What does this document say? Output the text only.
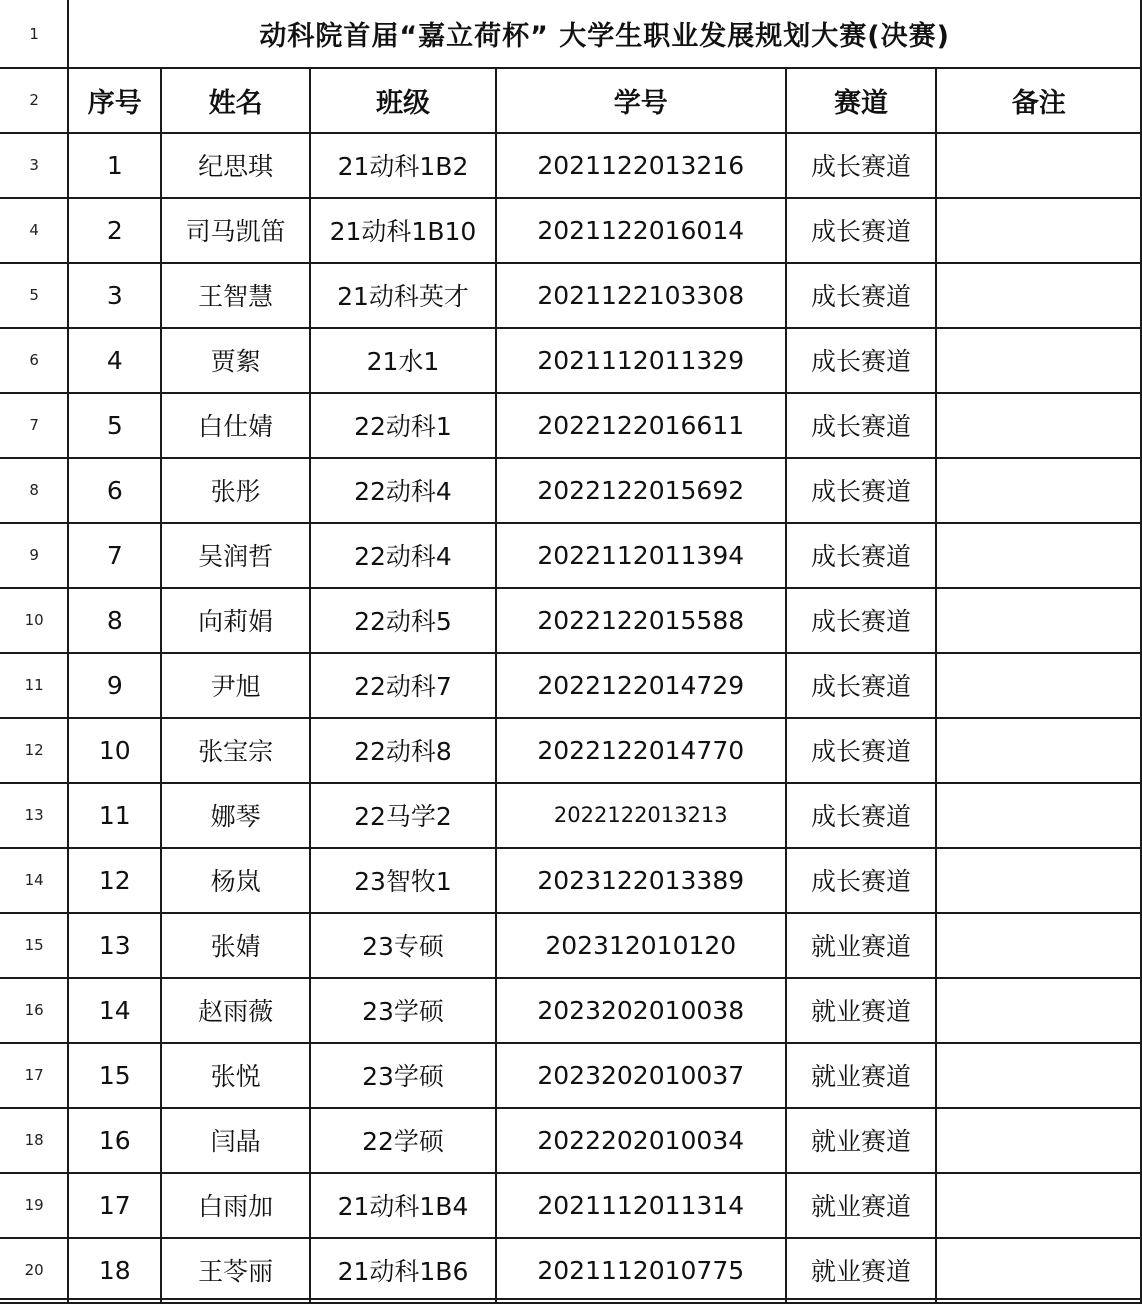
1	动科院首届“嘉立荷杯” 大学生职业发展规划大赛(决赛)					
2	序号	姓名	班级	学号	赛道	备注
3	1	纪思琪	21动科1B2	2021122013216	成长赛道	
4	2	司马凯笛	21动科1B10	2021122016014	成长赛道	
5	3	王智慧	21动科英才	2021122103308	成长赛道	
6	4	贾絮	21水1	2021112011329	成长赛道	
7	5	白仕婧	22动科1	2022122016611	成长赛道	
8	6	张彤	22动科4	2022122015692	成长赛道	
9	7	吴润哲	22动科4	2022112011394	成长赛道	
10	8	向莉娟	22动科5	2022122015588	成长赛道	
11	9	尹旭	22动科7	2022122014729	成长赛道	
12	10	张宝宗	22动科8	2022122014770	成长赛道	
13	11	娜琴	22马学2	2022122013213	成长赛道	
14	12	杨岚	23智牧1	2023122013389	成长赛道	
15	13	张婧	23专硕	202312010120	就业赛道	
16	14	赵雨薇	23学硕	2023202010038	就业赛道	
17	15	张悦	23学硕	2023202010037	就业赛道	
18	16	闫晶	22学硕	2022202010034	就业赛道	
19	17	白雨加	21动科1B4	2021112011314	就业赛道	
20	18	王苓丽	21动科1B6	2021112010775	就业赛道	
